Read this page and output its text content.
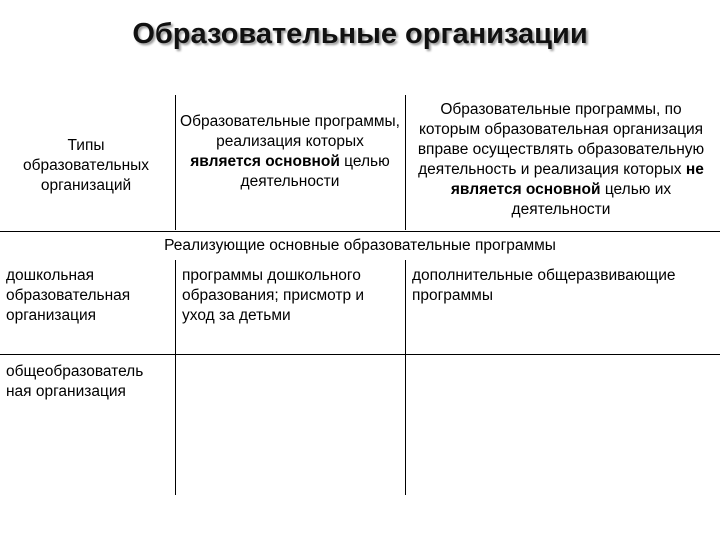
Образовательные организации
Типы образовательных организаций
Образовательные программы, реализация которых является основной целью деятельности
Образовательные программы, по которым образовательная организация вправе осуществлять образовательную деятельность и реализация которых не является основной целью их деятельности
Реализующие основные образовательные программы
дошкольная образовательная организация
программы дошкольного образования; присмотр и уход за детьми
дополнительные общеразвивающие программы
общеобразователь ная организация
